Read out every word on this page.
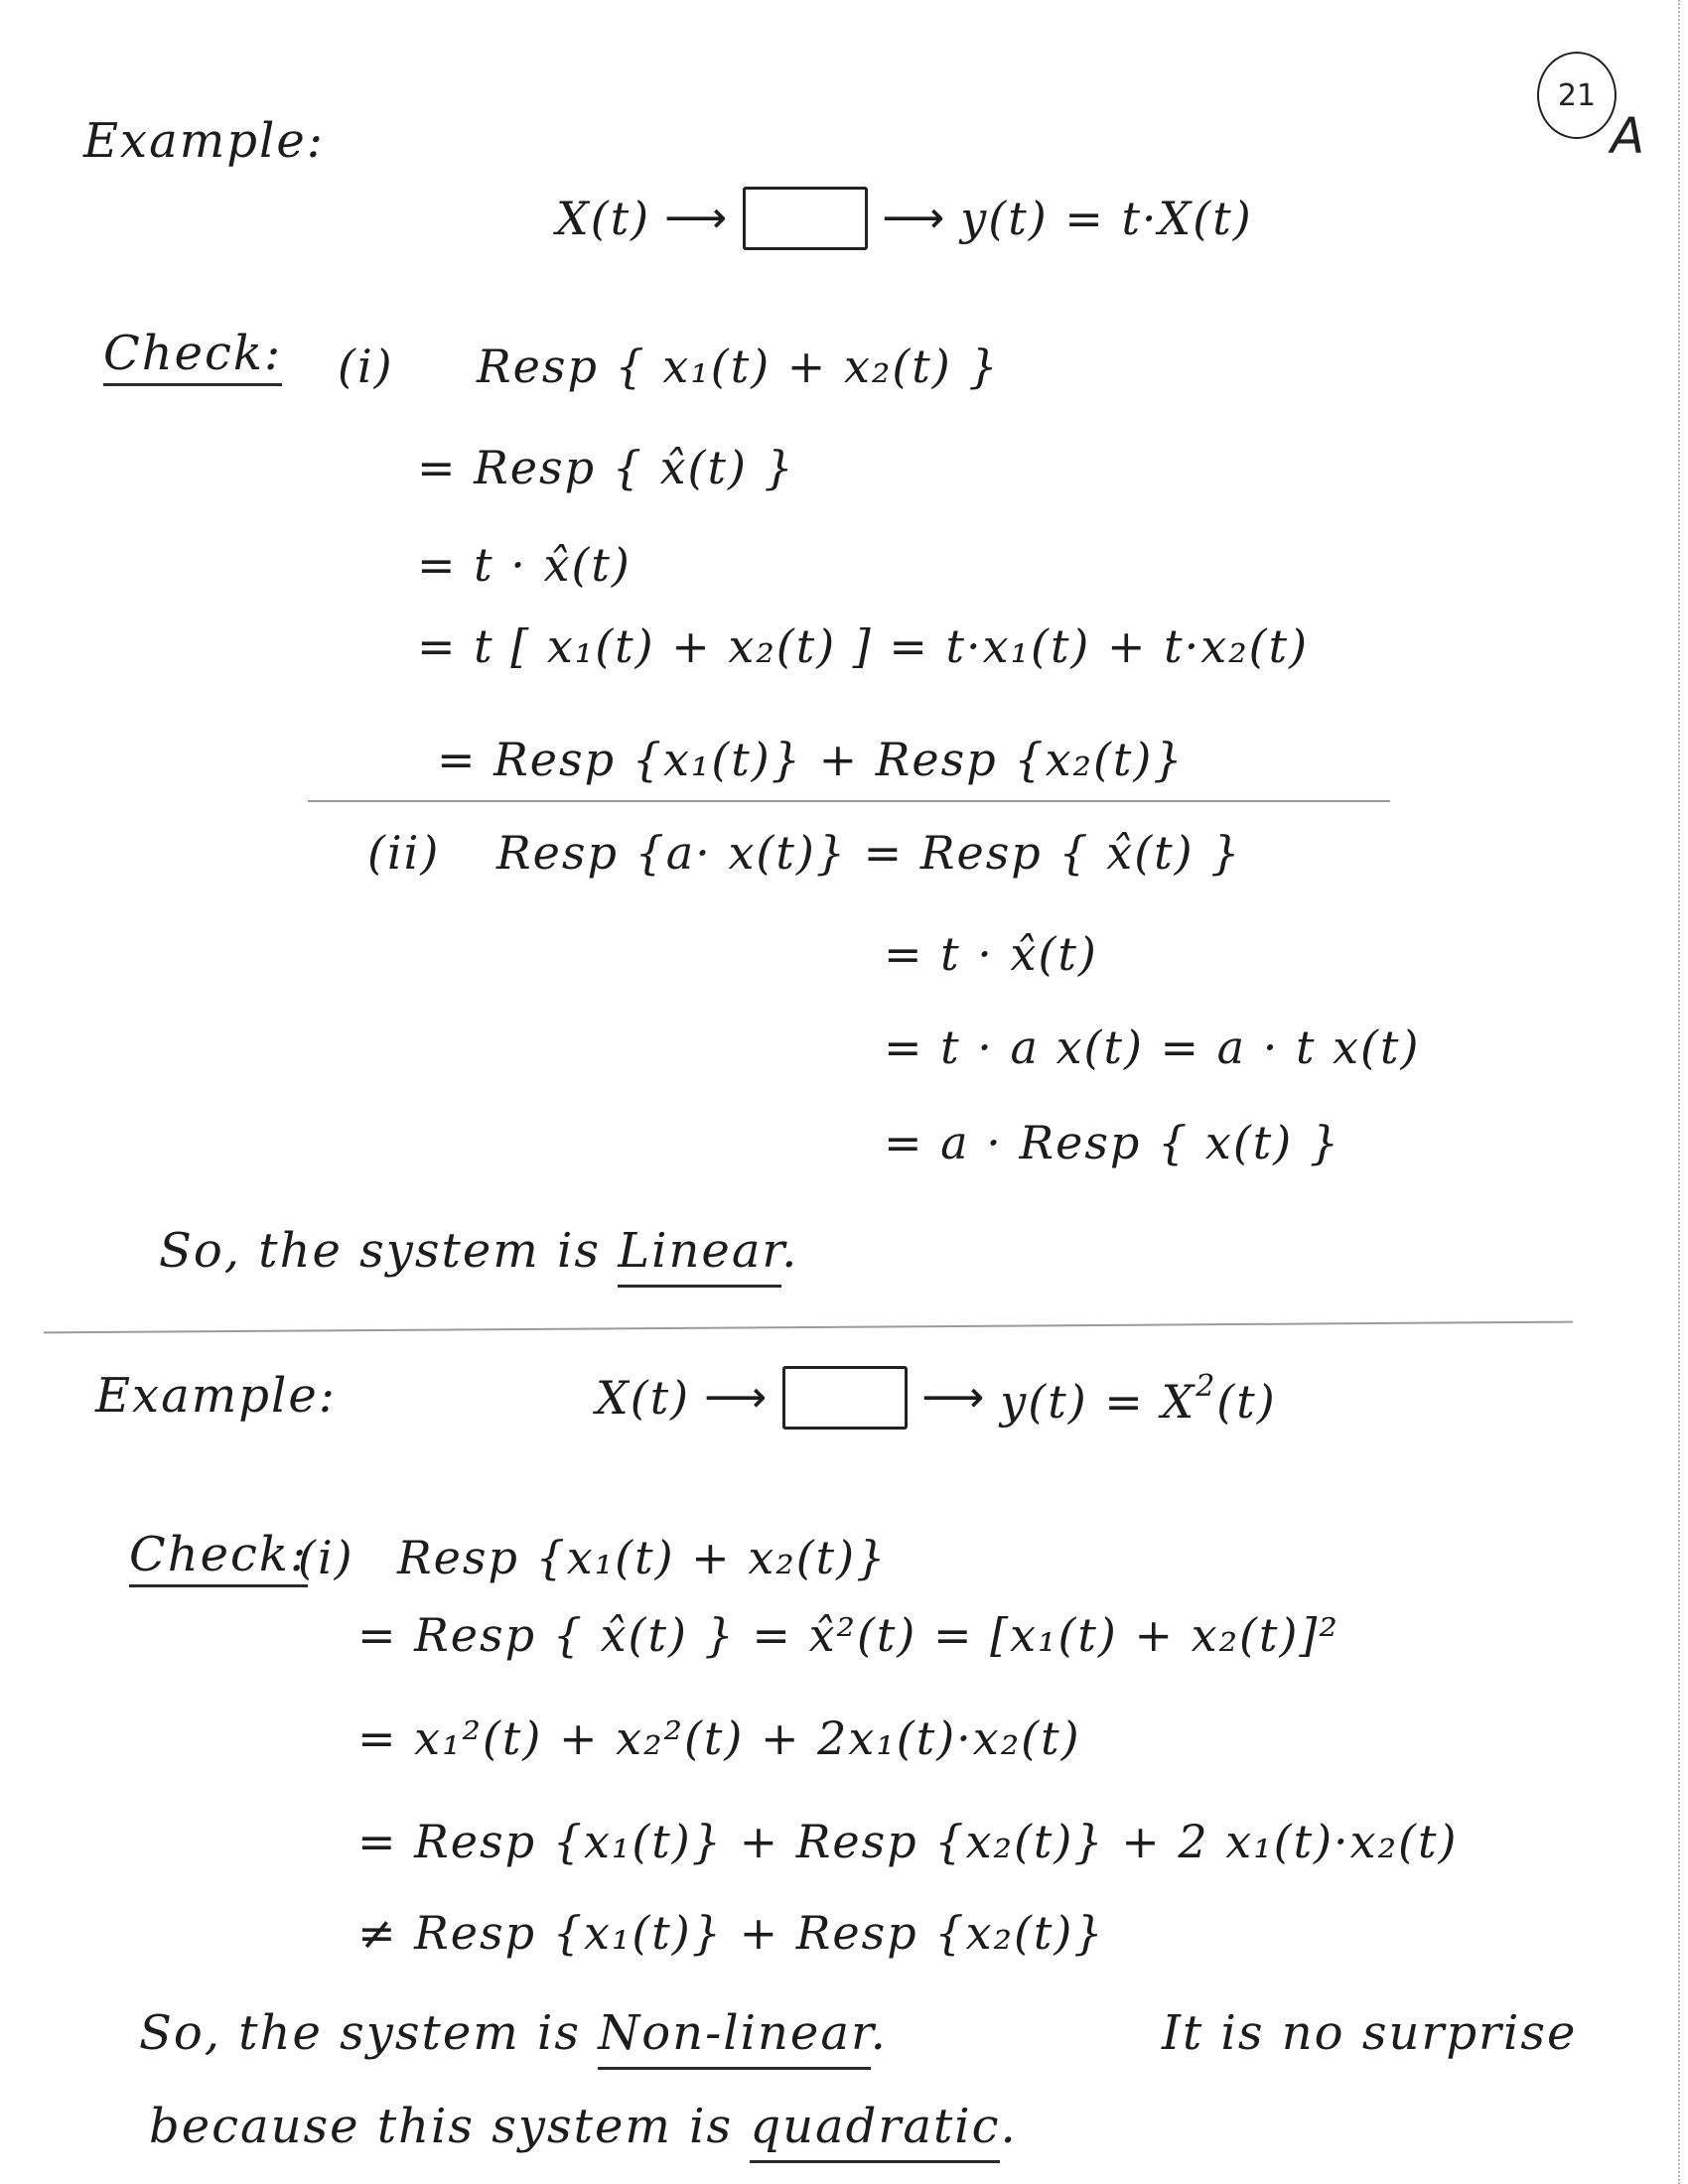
21
A
Example:
X(t) ⟶	⟶ y(t) = t·X(t)
Check: (i) Resp { x₁(t) + x₂(t) }
= Resp { x̂(t) }
= t · x̂(t)
= t [ x₁(t) + x₂(t) ] = t·x₁(t) + t·x₂(t)
= Resp {x₁(t)} + Resp {x₂(t)}
(ii) Resp {a· x(t)} = Resp { x̂(t) }
= t · x̂(t)
= t · a x(t) = a · t x(t)
= a · Resp { x(t) }
So, the system is Linear.
Example:	X(t) ⟶	⟶ $y(t) = X^2(t)$
Check:
(i) Resp {x₁(t) + x₂(t)}
= Resp { x̂(t) } = x̂²(t) = [x₁(t) + x₂(t)]²
= x₁²(t) + x₂²(t) + 2x₁(t)·x₂(t)
= Resp {x₁(t)} + Resp {x₂(t)} + 2 x₁(t)·x₂(t)
≠ Resp {x₁(t)} + Resp {x₂(t)}
So, the system is Non-linear.	It is no surprise
because this system is quadratic.
